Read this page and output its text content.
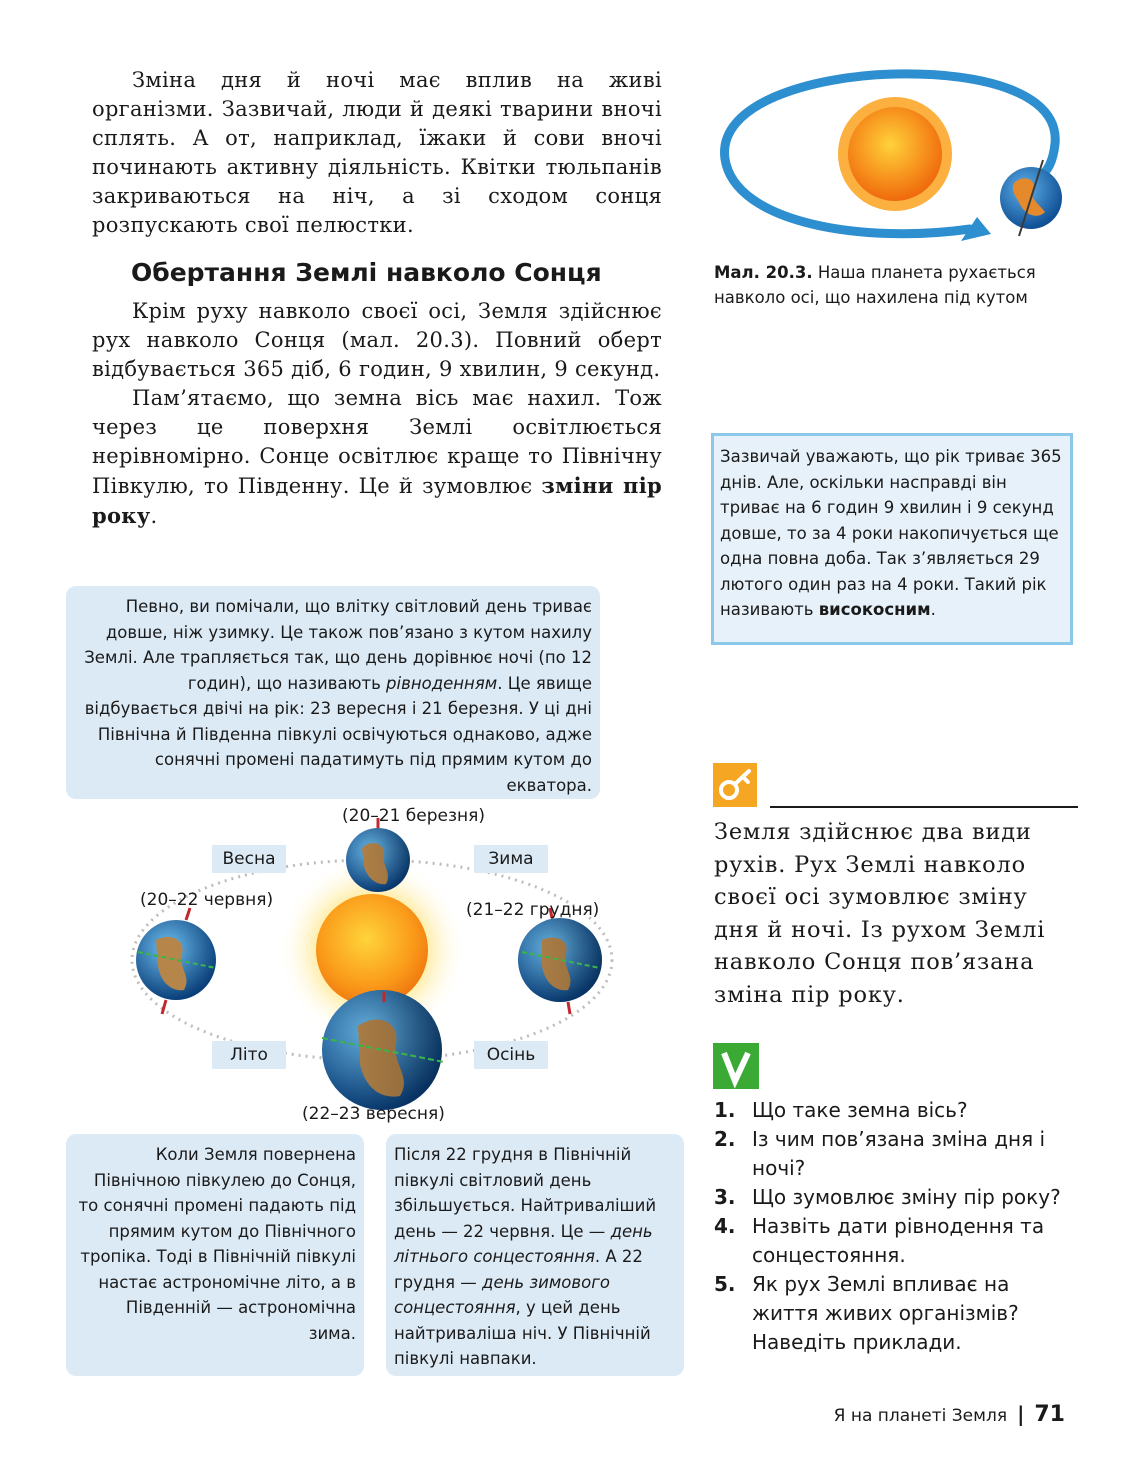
Зміна дня й ночі має вплив на живі організми. Зазвичай, люди й деякі тварини вночі сплять. А от, наприклад, їжаки й сови вночі починають активну діяльність. Квітки тюльпанів закриваються на ніч, а зі сходом сонця розпускають свої пелюстки.

Обертання Землі навколо Сонця

Крім руху навколо своєї осі, Земля здійснює рух навколо Сонця (мал. 20.3). Повний оберт відбувається 365 діб, 6 годин, 9 хвилин, 9 секунд.

Пам’ятаємо, що земна вісь має нахил. Тож через це поверхня Землі освітлюється нерівномірно. Сонце освітлює краще то Північну Півкулю, то Південну. Це й зумовлює зміни пір року.

Мал. 20.3. Наша планета рухається навколо осі, що нахилена під кутом
Зазвичай уважають, що рік триває 365 днів. Але, оскільки насправді він триває на 6 годин 9 хвилин і 9 секунд довше, то за 4 роки накопичується ще одна повна доба. Так з’являється 29 лютого один раз на 4 роки. Такий рік називають високосним.
Певно, ви помічали, що влітку світловий день триває довше, ніж узимку. Це також пов’язано з кутом нахилу Землі. Але трапляється так, що день дорівнює ночі (по 12 годин), що називають рівноденням. Це явище відбувається двічі на рік: 23 вересня і 21 березня. У ці дні Північна й Південна півкулі освічуються однаково, адже сонячні промені падатимуть під прямим кутом до екватора.
(20–21 березня)
(20–22 червня)	(21–22 грудня)
(22–23 вересня)
Весна	Зима
Літо	Осінь
Коли Земля повернена Північною півкулею до Сонця, то сонячні промені падають під прямим кутом до Північного тропіка. Тоді в Північній півкулі настає астрономічне літо, а в Південній — астрономічна зима.
Після 22 грудня в Північній півкулі світловий день збільшується. Найтриваліший день — 22 червня. Це — день літнього сонцестояння. А 22 грудня — день зимового сонцестояння, у цей день найтриваліша ніч. У Північній півкулі навпаки.
Земля здійснює два види рухів. Рух Землі навколо своєї осі зумовлює зміну дня й ночі. Із рухом Землі навколо Сонця пов’язана зміна пір року.
1. Що таке земна вісь?
2. Із чим пов’язана зміна дня і ночі?
3. Що зумовлює зміну пір року?
4. Назвіть дати рівнодення та сонцестояння.
5. Як рух Землі впливає на життя живих організмів? Наведіть приклади.
Я на планеті Земля | 71
